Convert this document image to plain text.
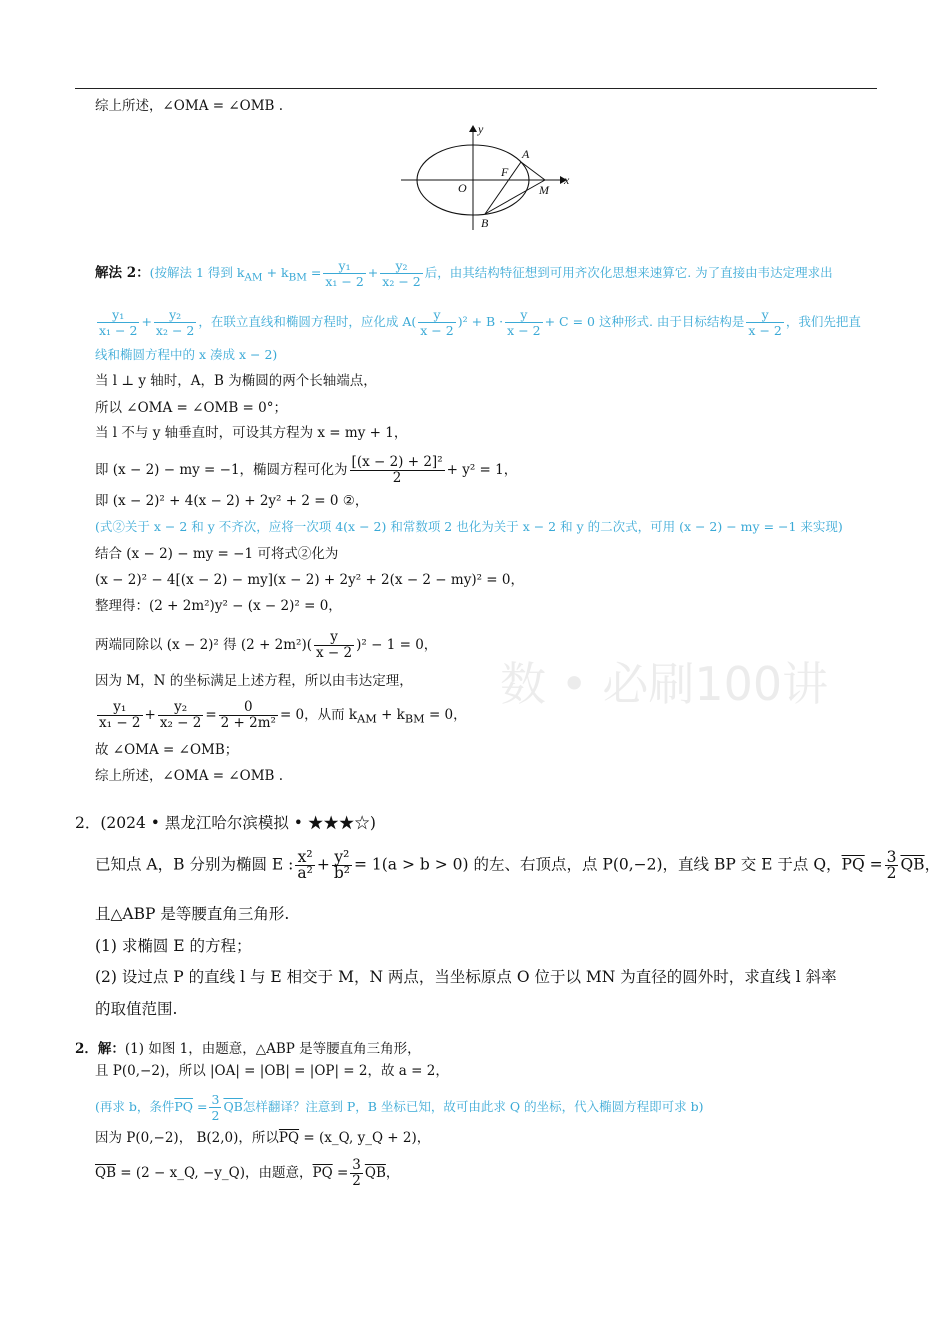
数 • 必刷100讲
综上所述，∠OMA = ∠OMB .
y
x
O
A
F
M
B
解法 2：(按解法 1 得到 $k_{AM} + k_{BM} = \frac{\text{y₁}}{\text{x₁ − 2}} + \frac{\text{y₂}}{\text{x₂ − 2}}$ 后，由其结构特征想到可用齐次化思想来速算它. 为了直接由韦达定理求出
$\frac{\text{y₁}}{\text{x₁ − 2}} + \frac{\text{y₂}}{\text{x₂ − 2}}$ ，在联立直线和椭圆方程时，应化成 $A( \frac{y}{x - 2} )^2 + B \cdot \frac{y}{x - 2} + C = 0$ 这种形式. 由于目标结构是 $\frac{y}{x - 2}$ ，我们先把直
线和椭圆方程中的 x 凑成 x − 2)
当 l ⊥ y 轴时，A，B 为椭圆的两个长轴端点，
所以 ∠OMA = ∠OMB = 0°；
当 l 不与 y 轴垂直时，可设其方程为 x = my + 1，
即 (x − 2) − my = −1，椭圆方程可化为 $\frac{\text{[(x − 2) + 2]²}}{2} + y^2 = 1$，
即 (x − 2)² + 4(x − 2) + 2y² + 2 = 0 ②，
(式②关于 x − 2 和 y 不齐次，应将一次项 4(x − 2) 和常数项 2 也化为关于 x − 2 和 y 的二次式，可用 (x − 2) − my = −1 来实现)
结合 (x − 2) − my = −1 可将式②化为
(x − 2)² − 4[(x − 2) − my](x − 2) + 2y² + 2(x − 2 − my)² = 0，
整理得：(2 + 2m²)y² − (x − 2)² = 0，
两端同除以 (x − 2)² 得 $(2 + 2m^2)( \frac{y}{x - 2} )^2 - 1 = 0$，
因为 M，N 的坐标满足上述方程，所以由韦达定理，
$\frac{\text{y₁}}{\text{x₁ − 2}} + \frac{\text{y₂}}{\text{x₂ − 2}} = \frac{0}{\text{2 + 2m²}} = 0$，从而 $k_{AM} + k_{BM} = 0$，
故 ∠OMA = ∠OMB；
综上所述，∠OMA = ∠OMB .
2．(2024 • 黑龙江哈尔滨模拟 • ★★★☆)
已知点 A，B 分别为椭圆 E : $\frac{\text{x²}}{\text{a²}} + \frac{\text{y²}}{\text{b²}} = 1(a > b > 0)$ 的左、右顶点，点 P(0,−2)，直线 BP 交 E 于点 Q，$\overline{PQ} = \frac{3}{2} \overline{QB}$，
且△ABP 是等腰直角三角形.
(1) 求椭圆 E 的方程；
(2) 设过点 P 的直线 l 与 E 相交于 M，N 两点，当坐标原点 O 位于以 MN 为直径的圆外时，求直线 l 斜率
的取值范围.
2．解：(1) 如图 1，由题意，△ABP 是等腰直角三角形，
且 P(0,−2)，所以 |OA| = |OB| = |OP| = 2，故 a = 2，
(再求 b，条件$\overline{PQ} = \frac{3}{2} \overline{QB}$怎样翻译？注意到 P，B 坐标已知，故可由此求 Q 的坐标，代入椭圆方程即可求 b)
因为 P(0,−2)， B(2,0)，所以$\overline{PQ}$ = (x_Q, y_Q + 2)，
$\overline{QB} = (2$ − x_Q, −y_Q)，由题意，$\overline{PQ} = \frac{3}{2} \overline{QB}$，
